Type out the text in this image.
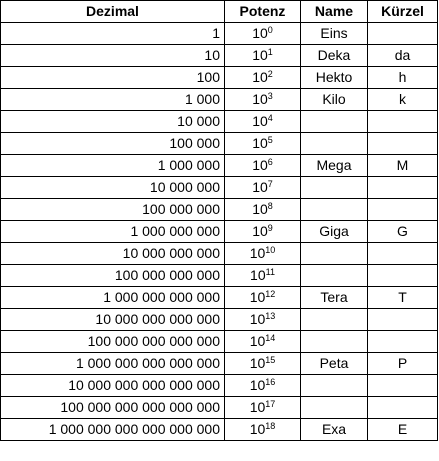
Dezimal	Potenz	Name	Kürzel
1	$10^0$	Eins	
10	$10^1$	Deka	da
100	$10^2$	Hekto	h
1 000	$10^3$	Kilo	k
10 000	$10^4$		
100 000	$10^5$		
1 000 000	$10^6$	Mega	M
10 000 000	$10^7$		
100 000 000	$10^8$		
1 000 000 000	$10^9$	Giga	G
10 000 000 000	$10^{10}$		
100 000 000 000	$10^{11}$		
1 000 000 000 000	$10^{12}$	Tera	T
10 000 000 000 000	$10^{13}$		
100 000 000 000 000	$10^{14}$		
1 000 000 000 000 000	$10^{15}$	Peta	P
10 000 000 000 000 000	$10^{16}$		
100 000 000 000 000 000	$10^{17}$		
1 000 000 000 000 000 000	$10^{18}$	Exa	E
